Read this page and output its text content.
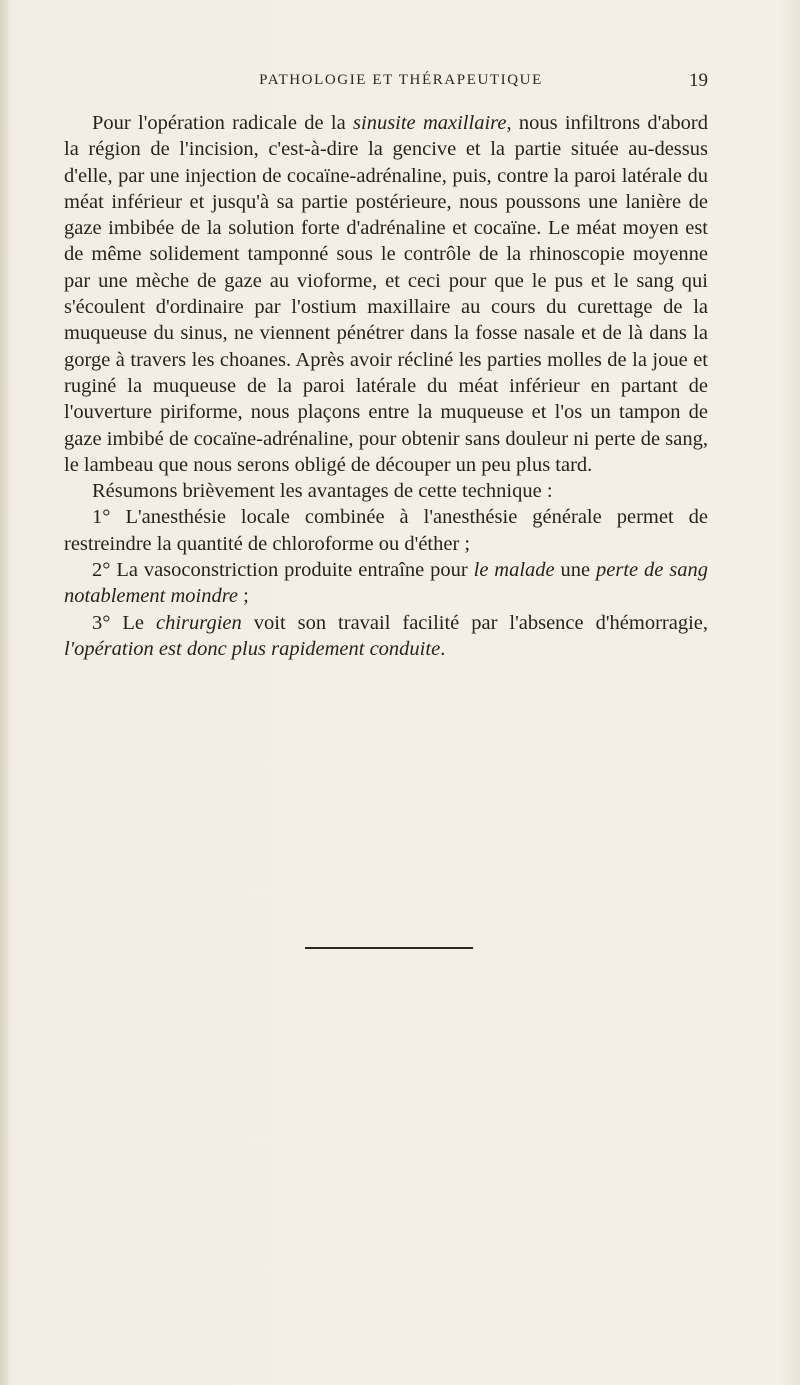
PATHOLOGIE ET THÉRAPEUTIQUE	19

Pour l'opération radicale de la sinusite maxillaire, nous infiltrons d'abord la région de l'incision, c'est-à-dire la gencive et la partie située au-dessus d'elle, par une injection de cocaïne-adrénaline, puis, contre la paroi latérale du méat inférieur et jusqu'à sa partie postérieure, nous poussons une lanière de gaze imbibée de la solution forte d'adrénaline et cocaïne. Le méat moyen est de même solidement tamponné sous le contrôle de la rhinoscopie moyenne par une mèche de gaze au vioforme, et ceci pour que le pus et le sang qui s'écoulent d'ordinaire par l'ostium maxillaire au cours du curettage de la muqueuse du sinus, ne viennent pénétrer dans la fosse nasale et de là dans la gorge à travers les choanes. Après avoir récliné les parties molles de la joue et ruginé la muqueuse de la paroi latérale du méat inférieur en partant de l'ouverture piriforme, nous plaçons entre la muqueuse et l'os un tampon de gaze imbibé de cocaïne-adrénaline, pour obtenir sans douleur ni perte de sang, le lambeau que nous serons obligé de découper un peu plus tard.

Résumons brièvement les avantages de cette technique :

1° L'anesthésie locale combinée à l'anesthésie générale permet de restreindre la quantité de chloroforme ou d'éther ;

2° La vasoconstriction produite entraîne pour le malade une perte de sang notablement moindre ;

3° Le chirurgien voit son travail facilité par l'absence d'hémorragie, l'opération est donc plus rapidement conduite.
